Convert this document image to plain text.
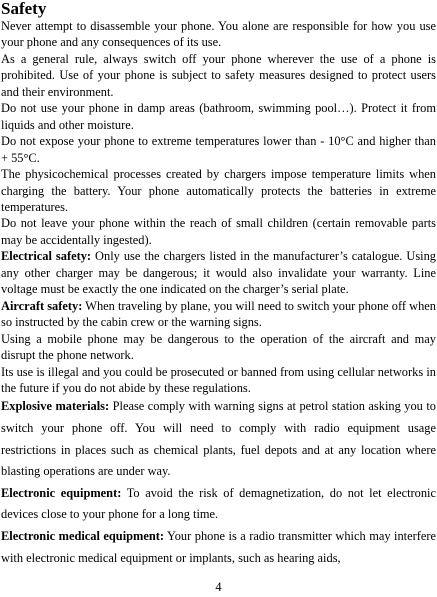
Safety

Never attempt to disassemble your phone. You alone are responsible for how you use your phone and any consequences of its use.

As a general rule, always switch off your phone wherever the use of a phone is prohibited. Use of your phone is subject to safety measures designed to protect users and their environment.

Do not use your phone in damp areas (bathroom, swimming pool…). Protect it from liquids and other moisture.

Do not expose your phone to extreme temperatures lower than - 10°C and higher than + 55°C.

The physicochemical processes created by chargers impose temperature limits when charging the battery. Your phone automatically protects the batteries in extreme temperatures.

Do not leave your phone within the reach of small children (certain removable parts may be accidentally ingested).

Electrical safety: Only use the chargers listed in the manufacturer’s catalogue. Using any other charger may be dangerous; it would also invalidate your warranty. Line voltage must be exactly the one indicated on the charger’s serial plate.

Aircraft safety: When traveling by plane, you will need to switch your phone off when so instructed by the cabin crew or the warning signs.

Using a mobile phone may be dangerous to the operation of the aircraft and may disrupt the phone network.

Its use is illegal and you could be prosecuted or banned from using cellular networks in the future if you do not abide by these regulations.

Explosive materials: Please comply with warning signs at petrol station asking you to switch your phone off. You will need to comply with radio equipment usage restrictions in places such as chemical plants, fuel depots and at any location where blasting operations are under way.

Electronic equipment: To avoid the risk of demagnetization, do not let electronic devices close to your phone for a long time.

Electronic medical equipment: Your phone is a radio transmitter which may interfere with electronic medical equipment or implants, such as hearing aids,

4
